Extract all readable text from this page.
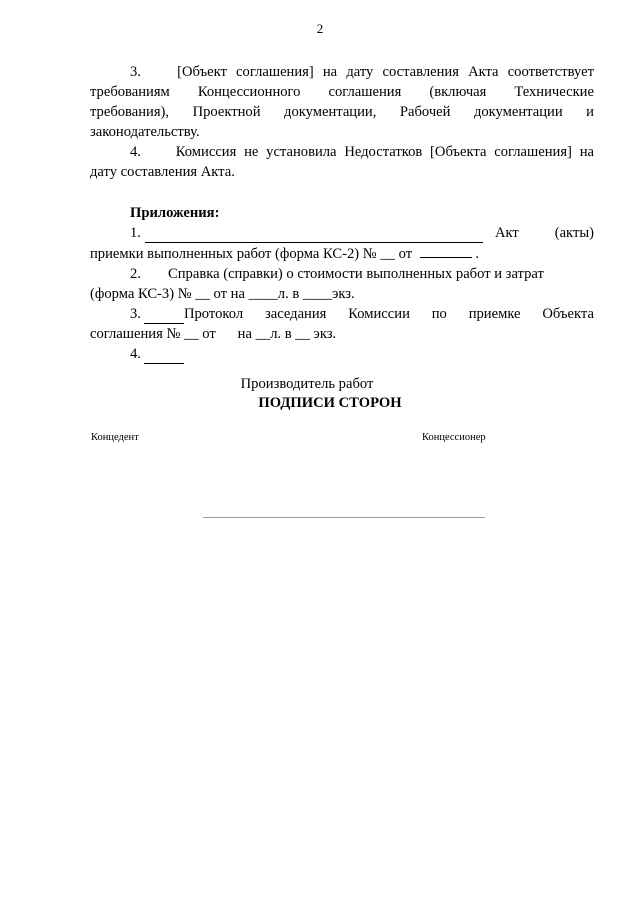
2
3. [Объект соглашения] на дату составления Акта соответствует
требованиям Концессионного соглашения (включая Технические
требования), Проектной документации, Рабочей документации и
законодательству.
4. Комиссия не установила Недостатков [Объекта соглашения] на
дату составления Акта.
Приложения:
1.	Акт (акты)
приемки выполненных работ (форма КС-2) № __ от	.
2. Справка (справки) о стоимости выполненных работ и затрат
(форма КС-3) № __ от на ____л. в ____экз.
3.	Протокол заседания Комиссии по приемке Объекта
соглашения № __ от      на __л. в __ экз.
4.
Производитель работ
ПОДПИСИ СТОРОН
Концедент	Концессионер
